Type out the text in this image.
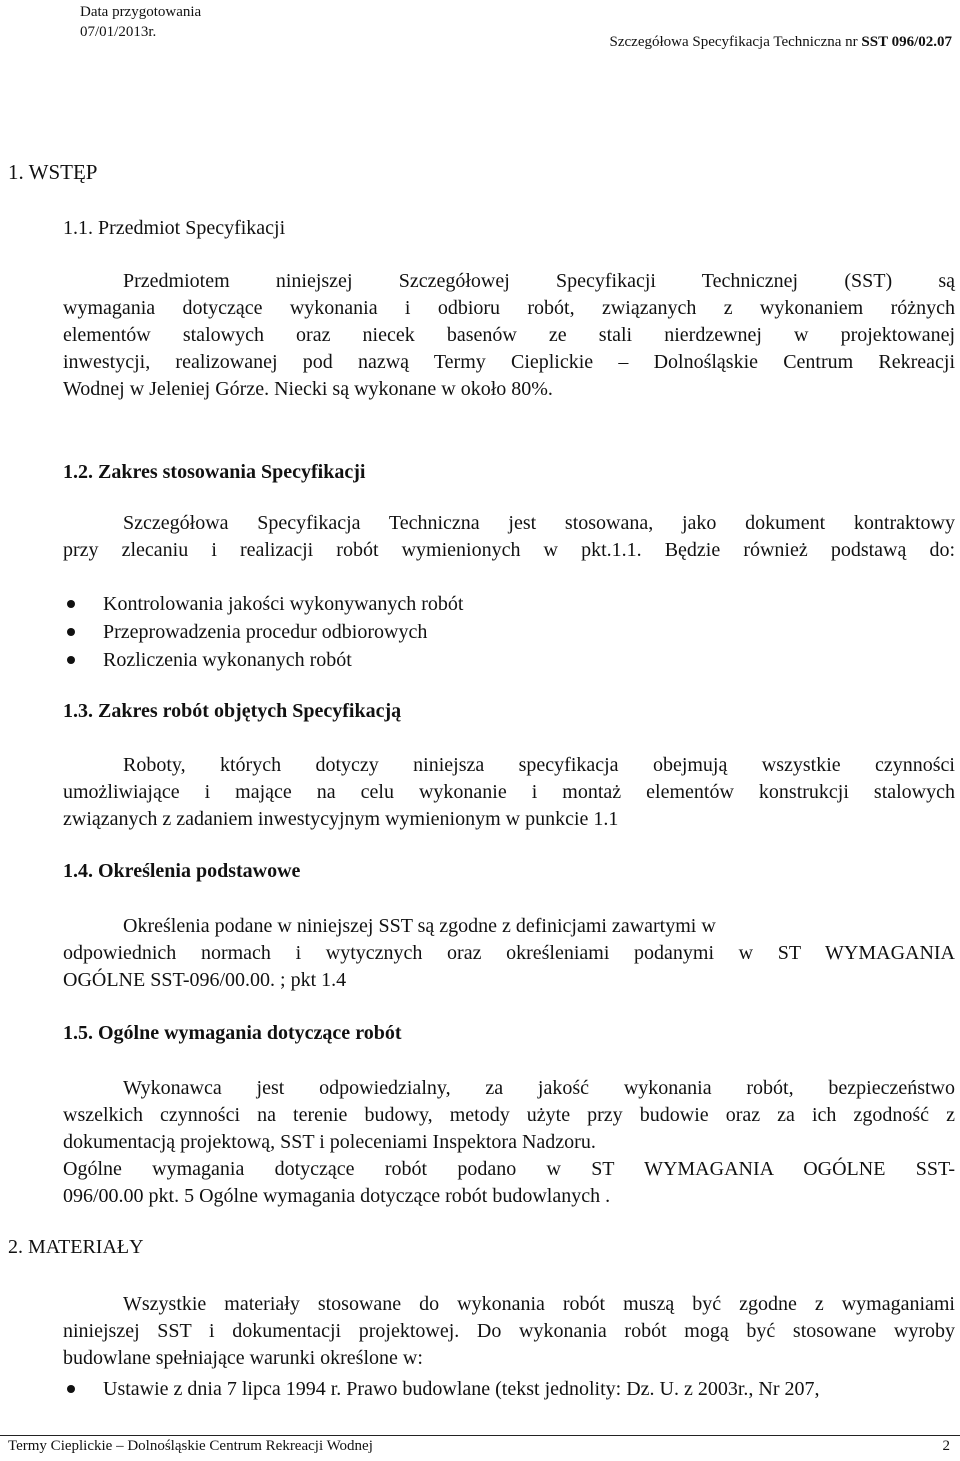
Data przygotowania
07/01/2013r.
Szczegółowa Specyfikacja Techniczna nr SST 096/02.07
1. WSTĘP
1.1. Przedmiot Specyfikacji
Przedmiotem niniejszej Szczegółowej Specyfikacji Technicznej (SST) są
wymagania dotyczące wykonania i odbioru robót, związanych z wykonaniem różnych
elementów stalowych oraz niecek basenów ze stali nierdzewnej w projektowanej
inwestycji, realizowanej pod nazwą Termy Cieplickie – Dolnośląskie Centrum Rekreacji
Wodnej w Jeleniej Górze. Niecki są wykonane w około 80%.
1.2. Zakres stosowania Specyfikacji
Szczegółowa Specyfikacja Techniczna jest stosowana, jako dokument kontraktowy
przy zlecaniu i realizacji robót wymienionych w pkt.1.1. Będzie również podstawą do:
Kontrolowania jakości wykonywanych robót
Przeprowadzenia procedur odbiorowych
Rozliczenia wykonanych robót
1.3. Zakres robót objętych Specyfikacją
Roboty, których dotyczy niniejsza specyfikacja obejmują wszystkie czynności
umożliwiające i mające na celu wykonanie i montaż elementów konstrukcji stalowych
związanych z zadaniem inwestycyjnym wymienionym w punkcie 1.1
1.4. Określenia podstawowe
Określenia podane w niniejszej SST są zgodne z definicjami zawartymi w
odpowiednich normach i wytycznych oraz określeniami podanymi w ST WYMAGANIA
OGÓLNE SST-096/00.00. ; pkt 1.4
1.5. Ogólne wymagania dotyczące robót
Wykonawca jest odpowiedzialny, za jakość wykonania robót, bezpieczeństwo
wszelkich czynności na terenie budowy, metody użyte przy budowie oraz za ich zgodność z
dokumentacją projektową, SST i poleceniami Inspektora Nadzoru.
Ogólne wymagania dotyczące robót podano w ST WYMAGANIA OGÓLNE SST-
096/00.00 pkt. 5 Ogólne wymagania dotyczące robót budowlanych .
2. MATERIAŁY
Wszystkie materiały stosowane do wykonania robót muszą być zgodne z wymaganiami
niniejszej SST i dokumentacji projektowej. Do wykonania robót mogą być stosowane wyroby
budowlane spełniające warunki określone w:
Ustawie z dnia 7 lipca 1994 r. Prawo budowlane (tekst jednolity: Dz. U. z 2003r., Nr 207,
Termy Cieplickie – Dolnośląskie Centrum Rekreacji Wodnej	2
